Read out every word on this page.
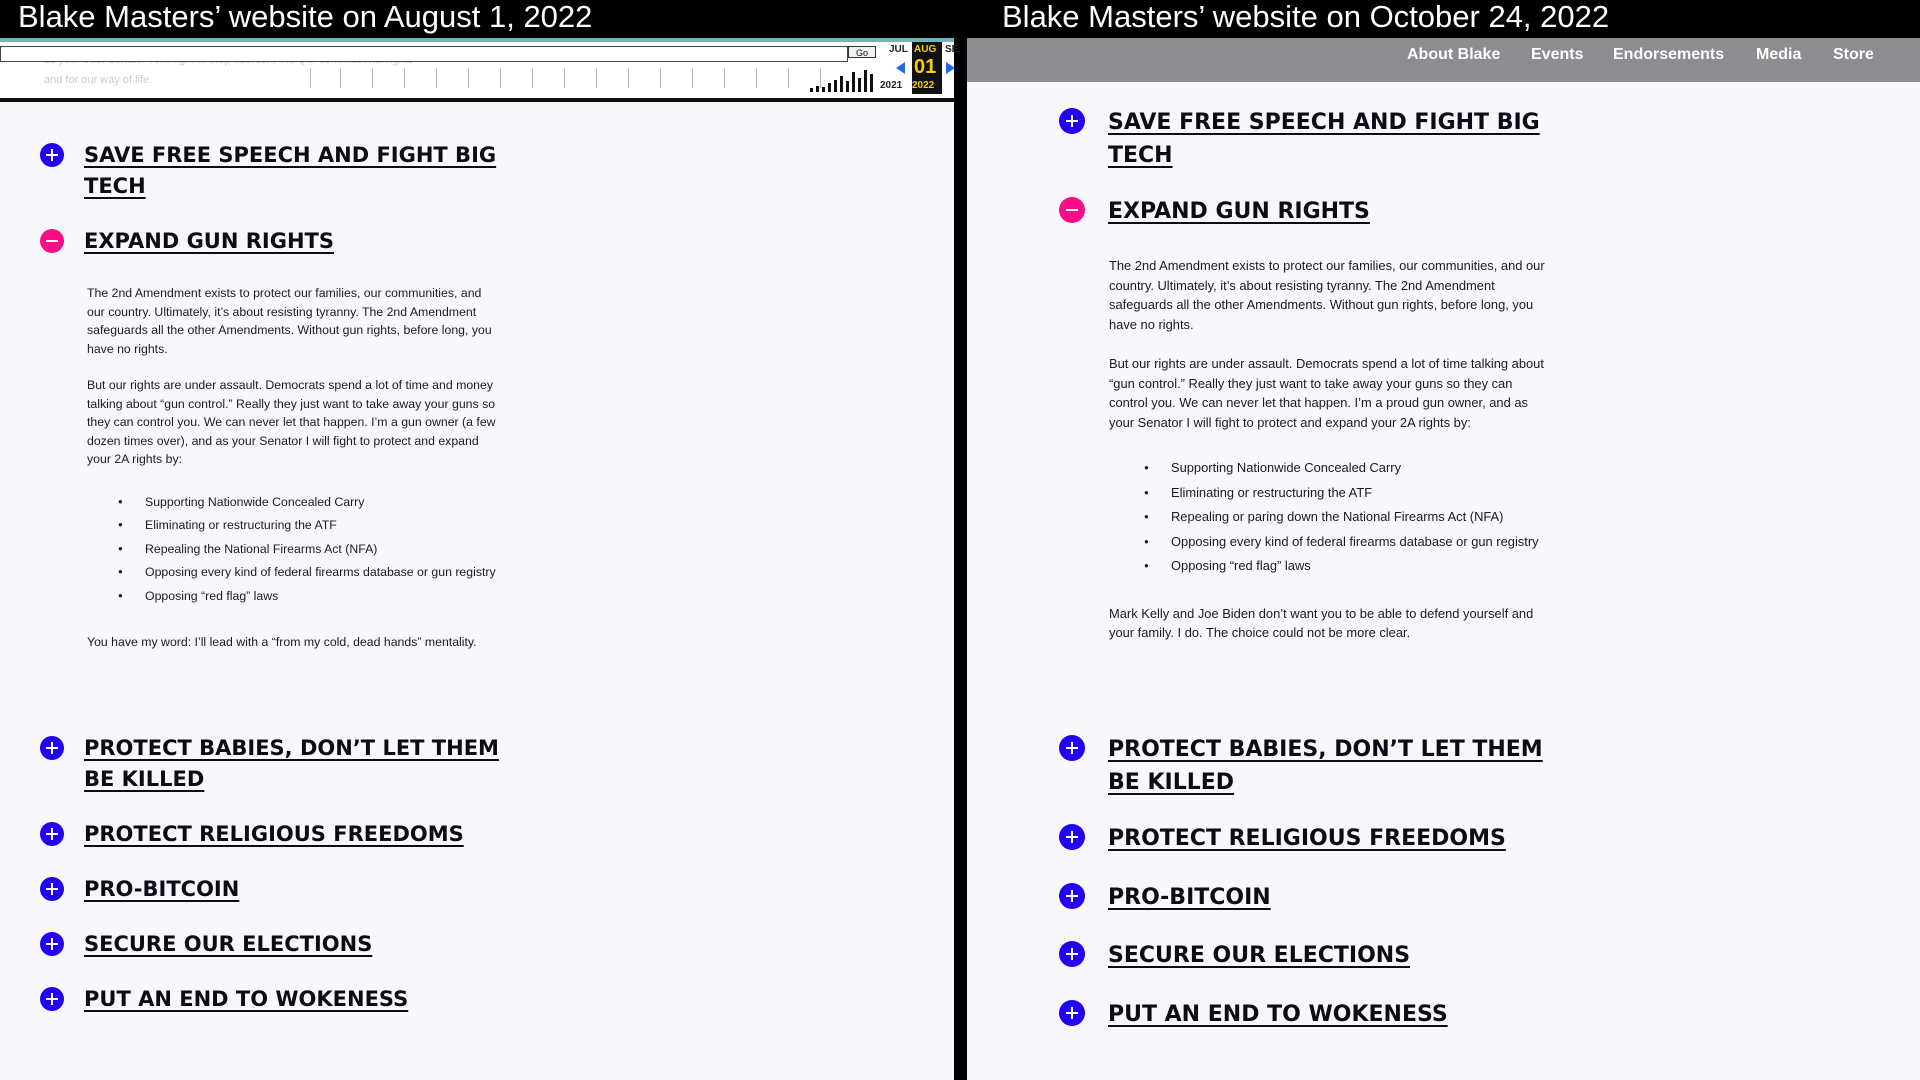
Blake Masters’ website on August 1, 2022	Blake Masters’ website on October 24, 2022
SAVE FREE SPEECH AND FIGHT BIG TECH
EXPAND GUN RIGHTS

The 2nd Amendment exists to protect our families, our communities, and our country. Ultimately, it’s about resisting tyranny. The 2nd Amendment safeguards all the other Amendments. Without gun rights, before long, you have no rights.

But our rights are under assault. Democrats spend a lot of time and money talking about “gun control.” Really they just want to take away your guns so they can control you. We can never let that happen. I’m a gun owner (a few dozen times over), and as your Senator I will fight to protect and expand your 2A rights by:

● Supporting Nationwide Concealed Carry
● Eliminating or restructuring the ATF
● Repealing the National Firearms Act (NFA)
● Opposing every kind of federal firearms database or gun registry
● Opposing “red flag” laws

You have my word: I’ll lead with a “from my cold, dead hands” mentality.

PROTECT BABIES, DON’T LET THEM BE KILLED
PROTECT RELIGIOUS FREEDOMS
PRO-BITCOIN
SECURE OUR ELECTIONS
PUT AN END TO WOKENESS
and for our way of life.
Go	JUL AUG
01
2022
2021
SE
SAVE FREE SPEECH AND FIGHT BIG TECH
EXPAND GUN RIGHTS

The 2nd Amendment exists to protect our families, our communities, and our country. Ultimately, it’s about resisting tyranny. The 2nd Amendment safeguards all the other Amendments. Without gun rights, before long, you have no rights.

But our rights are under assault. Democrats spend a lot of time talking about “gun control.” Really they just want to take away your guns so they can control you. We can never let that happen. I’m a proud gun owner, and as your Senator I will fight to protect and expand your 2A rights by:

● Supporting Nationwide Concealed Carry
● Eliminating or restructuring the ATF
● Repealing or paring down the National Firearms Act (NFA)
● Opposing every kind of federal firearms database or gun registry
● Opposing “red flag” laws

Mark Kelly and Joe Biden don’t want you to be able to defend yourself and your family. I do. The choice could not be more clear.

PROTECT BABIES, DON’T LET THEM BE KILLED
PROTECT RELIGIOUS FREEDOMS
PRO-BITCOIN
SECURE OUR ELECTIONS
PUT AN END TO WOKENESS
About Blake Events Endorsements Media Store
